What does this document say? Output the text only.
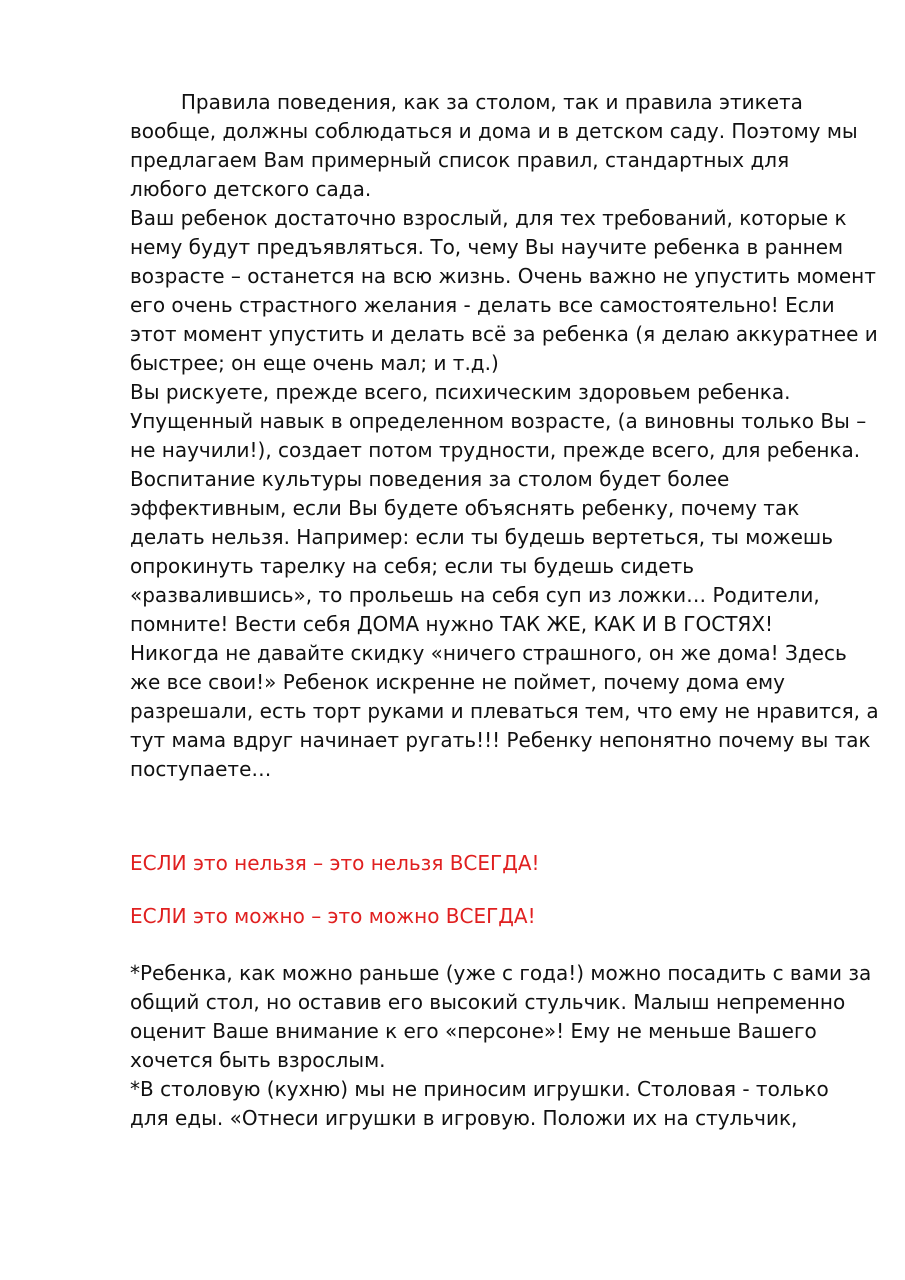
Правила поведения, как за столом, так и правила этикета
вообще, должны соблюдаться и дома и в детском саду. Поэтому мы
предлагаем Вам примерный список правил, стандартных для
любого детского сада.
Ваш ребенок достаточно взрослый, для тех требований, которые к
нему будут предъявляться. То, чему Вы научите ребенка в раннем
возрасте – останется на всю жизнь. Очень важно не упустить момент
его очень страстного желания - делать все самостоятельно! Если
этот момент упустить и делать всё за ребенка (я делаю аккуратнее и
быстрее; он еще очень мал; и т.д.)
Вы рискуете, прежде всего, психическим здоровьем ребенка.
Упущенный навык в определенном возрасте, (а виновны только Вы –
не научили!), создает потом трудности, прежде всего, для ребенка.
Воспитание культуры поведения за столом будет более
эффективным, если Вы будете объяснять ребенку, почему так
делать нельзя. Например: если ты будешь вертеться, ты можешь
опрокинуть тарелку на себя; если ты будешь сидеть
«развалившись», то прольешь на себя суп из ложки… Родители,
помните! Вести себя ДОМА нужно ТАК ЖЕ, КАК И В ГОСТЯХ!
Никогда не давайте скидку «ничего страшного, он же дома! Здесь
же все свои!» Ребенок искренне не поймет, почему дома ему
разрешали, есть торт руками и плеваться тем, что ему не нравится, а
тут мама вдруг начинает ругать!!! Ребенку непонятно почему вы так
поступаете…
ЕСЛИ это нельзя – это нельзя ВСЕГДА!
ЕСЛИ это можно – это можно ВСЕГДА!
*Ребенка, как можно раньше (уже с года!) можно посадить с вами за
общий стол, но оставив его высокий стульчик. Малыш непременно
оценит Ваше внимание к его «персоне»! Ему не меньше Вашего
хочется быть взрослым.
*В столовую (кухню) мы не приносим игрушки. Столовая - только
для еды. «Отнеси игрушки в игровую. Положи их на стульчик,
